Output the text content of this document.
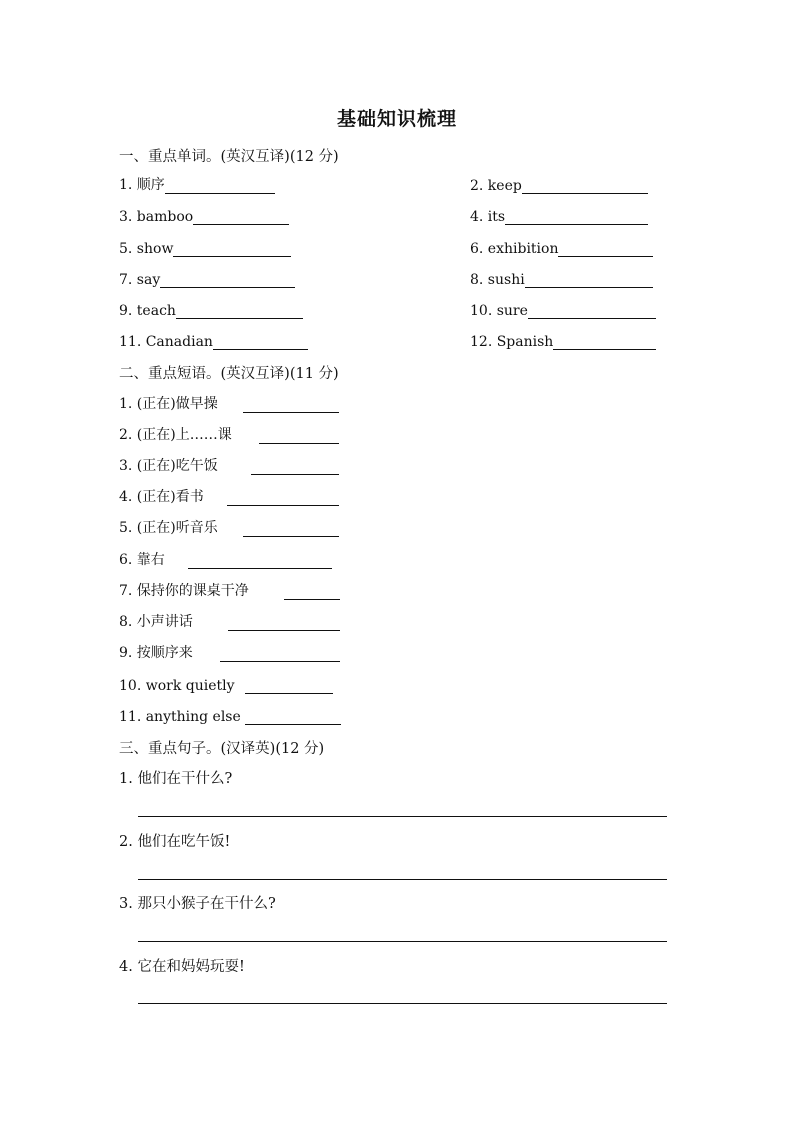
基础知识梳理
一、重点单词。(英汉互译)(12 分)
1. 顺序	2. keep
3. bamboo	4. its
5. show	6. exhibition
7. say	8. sushi
9. teach	10. sure
11. Canadian	12. Spanish
二、重点短语。(英汉互译)(11 分)
1. (正在)做早操
2. (正在)上……课
3. (正在)吃午饭
4. (正在)看书
5. (正在)听音乐
6. 靠右
7. 保持你的课桌干净
8. 小声讲话
9. 按顺序来
10. work quietly
11. anything else
三、重点句子。(汉译英)(12 分)
1. 他们在干什么?
2. 他们在吃午饭!
3. 那只小猴子在干什么?
4. 它在和妈妈玩耍!
